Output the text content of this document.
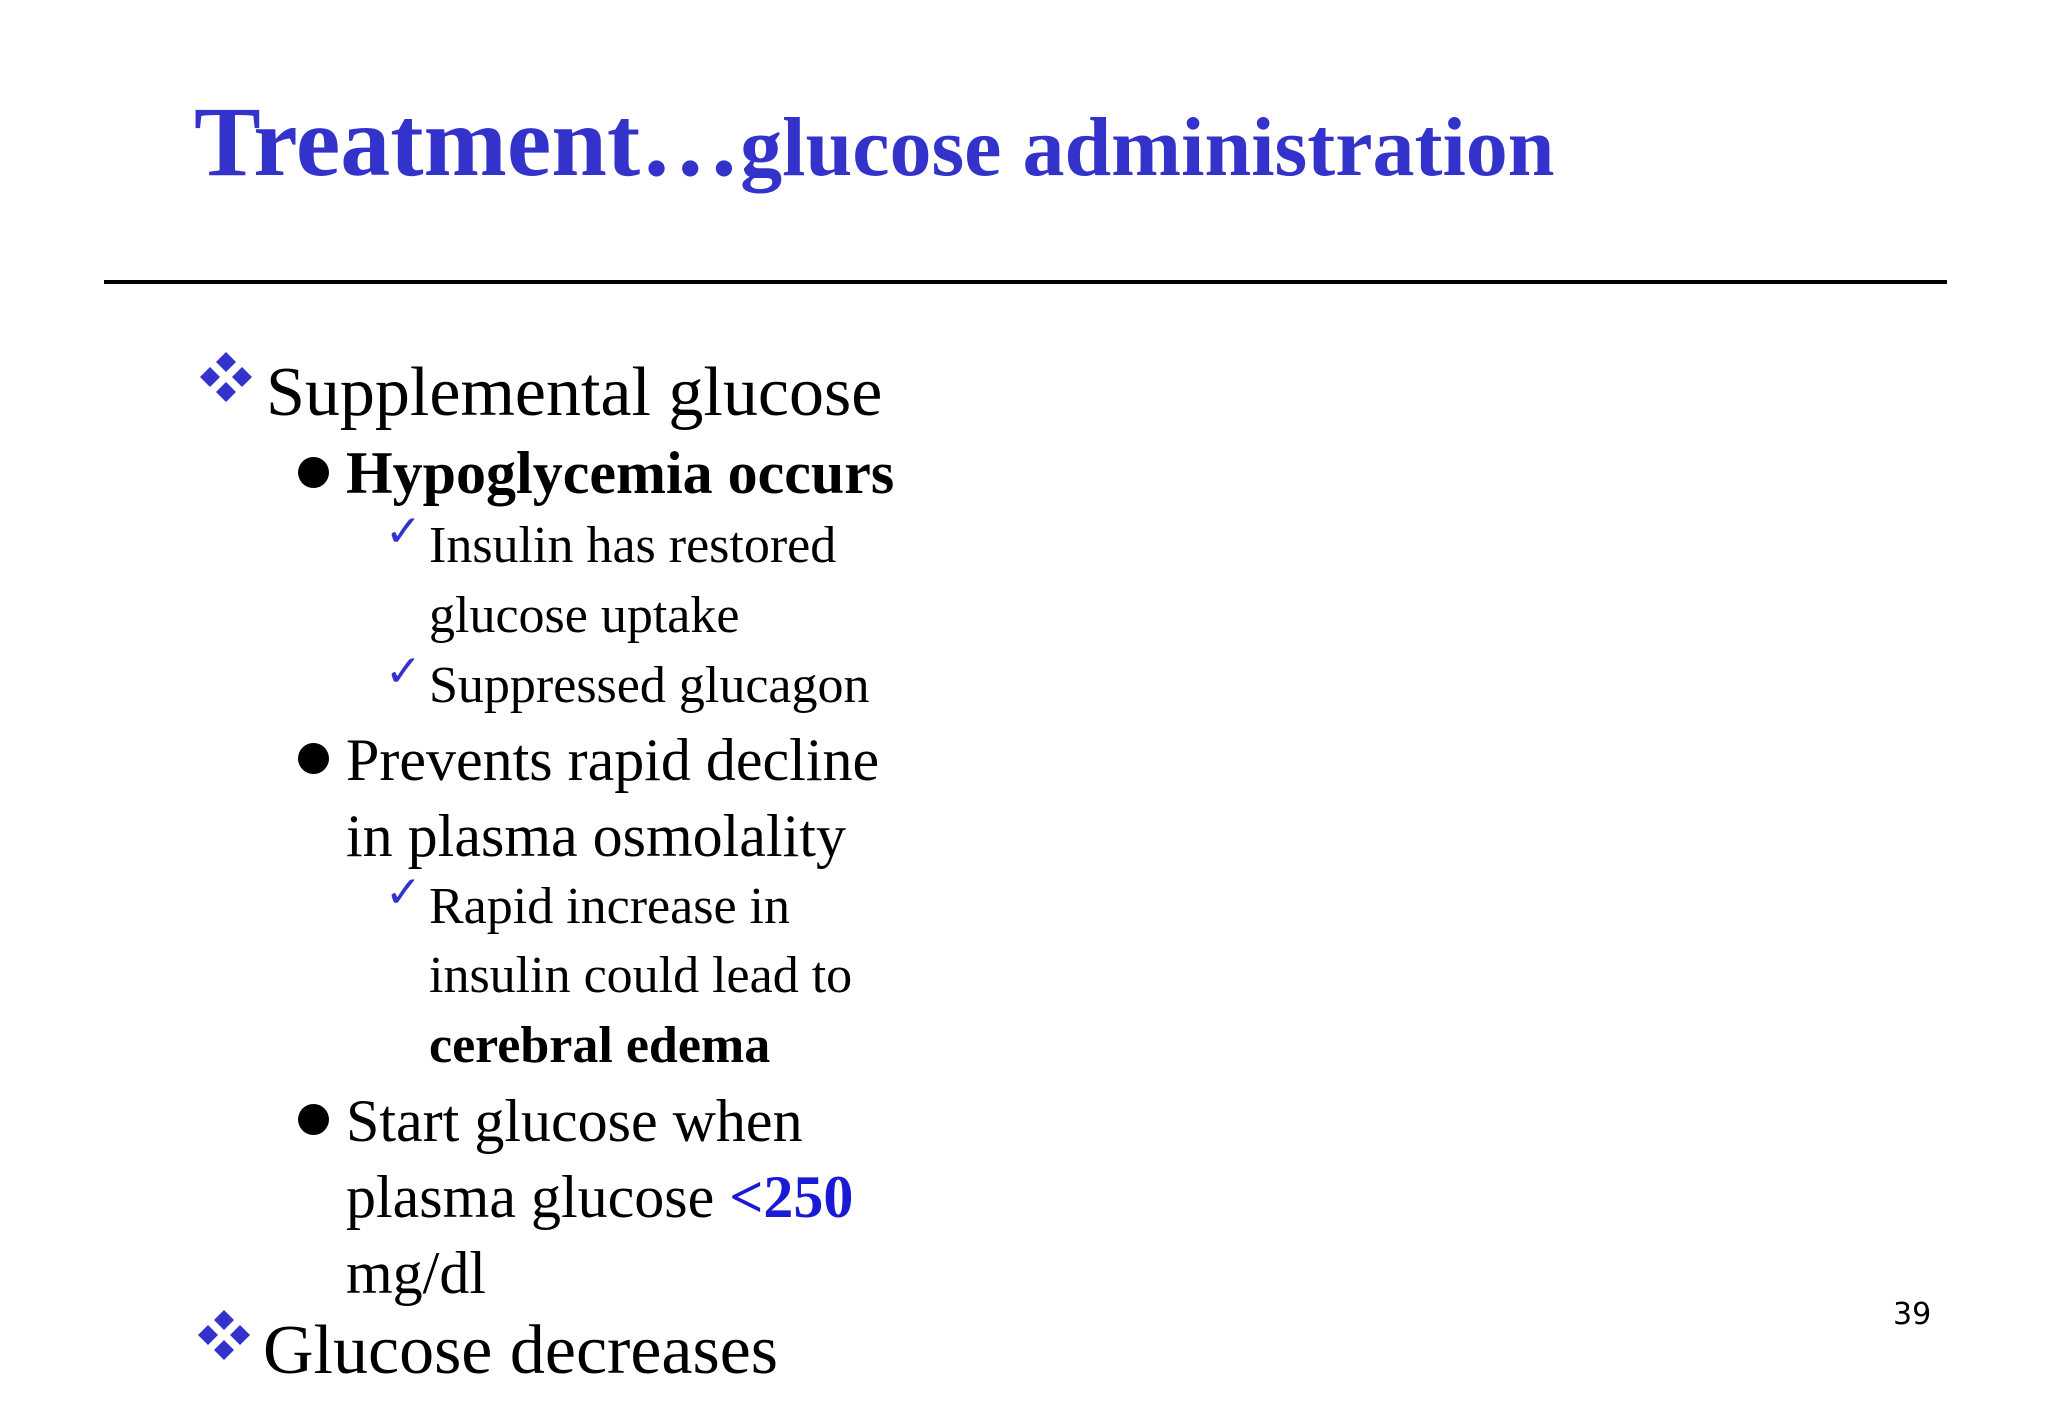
Treatment…glucose administration
Supplemental glucose
Hypoglycemia occurs
✓ Insulin has restored
glucose uptake
✓ Suppressed glucagon
Prevents rapid decline
in plasma osmolality
✓ Rapid increase in
insulin could lead to
cerebral edema
Start glucose when
plasma glucose <250
mg/dl
Glucose decreases	39
